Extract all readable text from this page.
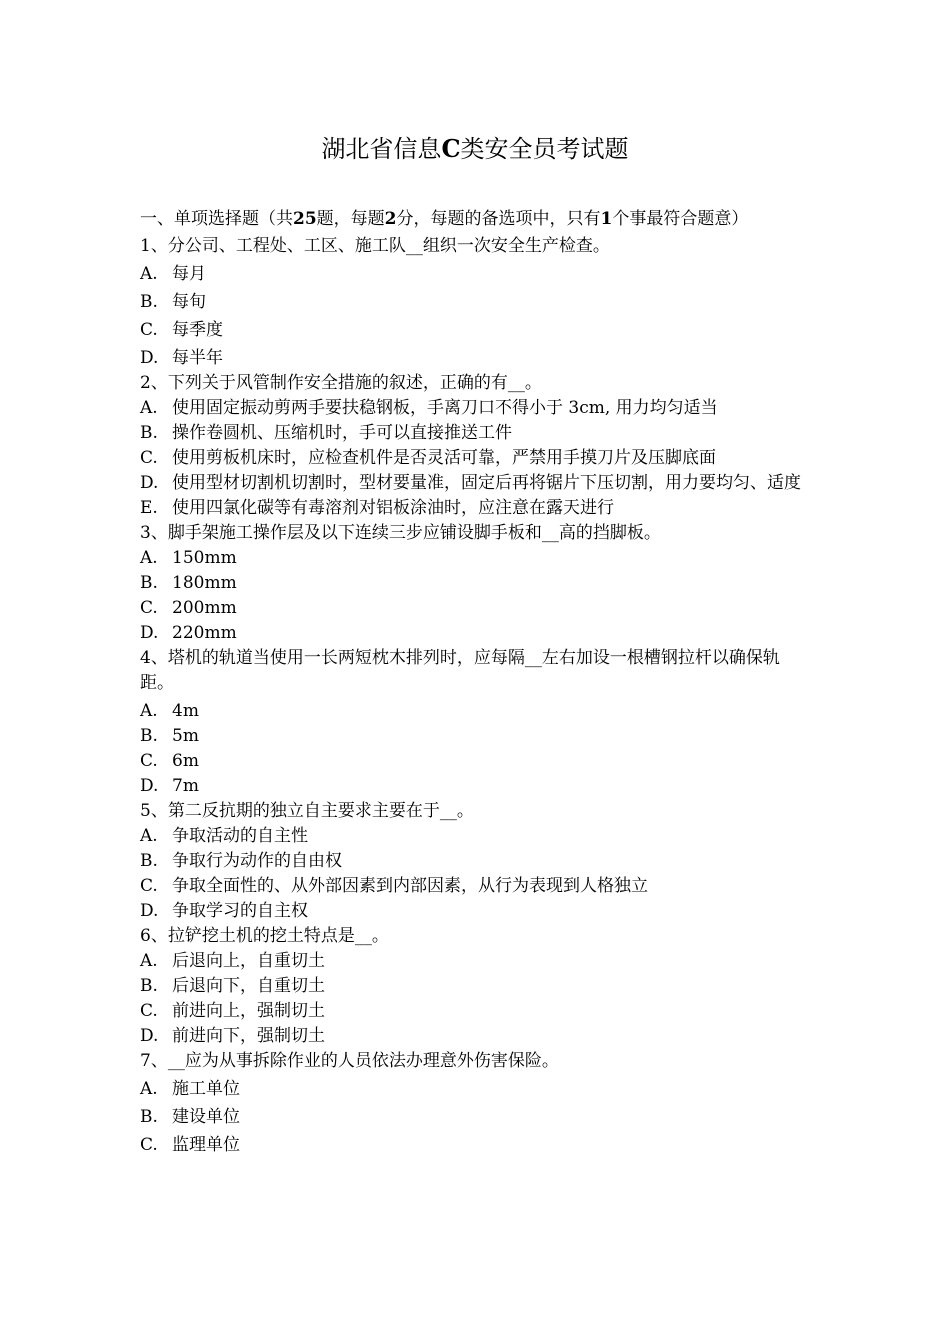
湖北省信息C类安全员考试题
一、单项选择题（共25题，每题2分，每题的备选项中，只有1个事最符合题意）
1、分公司、工程处、工区、施工队__组织一次安全生产检查。
A. 每月
B. 每旬
C. 每季度
D. 每半年
2、下列关于风管制作安全措施的叙述，正确的有__。
A. 使用固定振动剪两手要扶稳钢板，手离刀口不得小于 3cm, 用力均匀适当
B. 操作卷圆机、压缩机时，手可以直接推送工件
C. 使用剪板机床时，应检查机件是否灵活可靠，严禁用手摸刀片及压脚底面
D. 使用型材切割机切割时，型材要量准，固定后再将锯片下压切割，用力要均匀、适度
E. 使用四氯化碳等有毒溶剂对铝板涂油时，应注意在露天进行
3、脚手架施工操作层及以下连续三步应铺设脚手板和__高的挡脚板。
A. 150mm
B. 180mm
C. 200mm
D. 220mm
4、塔机的轨道当使用一长两短枕木排列时，应每隔__左右加设一根槽钢拉杆以确保轨距。
A. 4m
B. 5m
C. 6m
D. 7m
5、第二反抗期的独立自主要求主要在于__。
A. 争取活动的自主性
B. 争取行为动作的自由权
C. 争取全面性的、从外部因素到内部因素，从行为表现到人格独立
D. 争取学习的自主权
6、拉铲挖土机的挖土特点是__。
A. 后退向上，自重切土
B. 后退向下，自重切土
C. 前进向上，强制切土
D. 前进向下，强制切土
7、__应为从事拆除作业的人员依法办理意外伤害保险。
A. 施工单位
B. 建设单位
C. 监理单位
